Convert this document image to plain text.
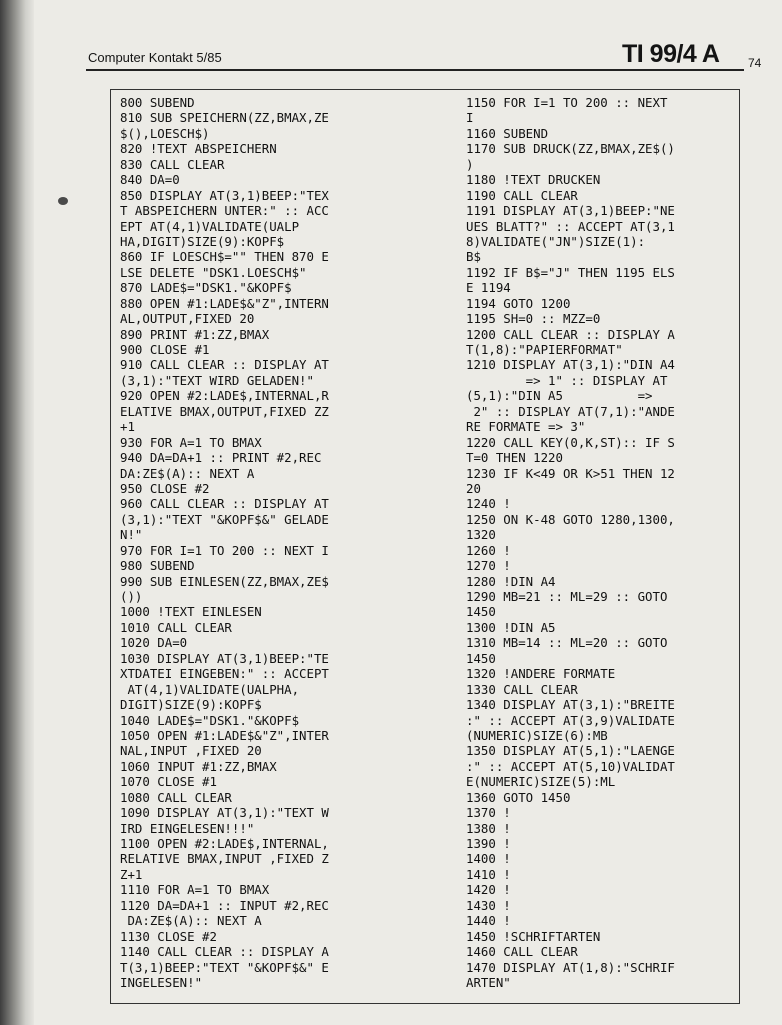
Computer Kontakt 5/85	TI 99/4 A 74
800 SUBEND
810 SUB SPEICHERN(ZZ,BMAX,ZE
$(),LOESCH$)
820 !TEXT ABSPEICHERN
830 CALL CLEAR
840 DA=0
850 DISPLAY AT(3,1)BEEP:"TEX
T ABSPEICHERN UNTER:" :: ACC
EPT AT(4,1)VALIDATE(UALP
HA,DIGIT)SIZE(9):KOPF$
860 IF LOESCH$="" THEN 870 E
LSE DELETE "DSK1.LOESCH$"
870 LADE$="DSK1."&KOPF$
880 OPEN #1:LADE$&"Z",INTERN
AL,OUTPUT,FIXED 20
890 PRINT #1:ZZ,BMAX
900 CLOSE #1
910 CALL CLEAR :: DISPLAY AT
(3,1):"TEXT WIRD GELADEN!"
920 OPEN #2:LADE$,INTERNAL,R
ELATIVE BMAX,OUTPUT,FIXED ZZ
+1
930 FOR A=1 TO BMAX
940 DA=DA+1 :: PRINT #2,REC
DA:ZE$(A):: NEXT A
950 CLOSE #2
960 CALL CLEAR :: DISPLAY AT
(3,1):"TEXT "&KOPF$&" GELADE
N!"
970 FOR I=1 TO 200 :: NEXT I
980 SUBEND
990 SUB EINLESEN(ZZ,BMAX,ZE$
())
1000 !TEXT EINLESEN
1010 CALL CLEAR
1020 DA=0
1030 DISPLAY AT(3,1)BEEP:"TE
XTDATEI EINGEBEN:" :: ACCEPT
AT(4,1)VALIDATE(UALPHA,
DIGIT)SIZE(9):KOPF$
1040 LADE$="DSK1."&KOPF$
1050 OPEN #1:LADE$&"Z",INTER
NAL,INPUT ,FIXED 20
1060 INPUT #1:ZZ,BMAX
1070 CLOSE #1
1080 CALL CLEAR
1090 DISPLAY AT(3,1):"TEXT W
IRD EINGELESEN!!!"
1100 OPEN #2:LADE$,INTERNAL,
RELATIVE BMAX,INPUT ,FIXED Z
Z+1
1110 FOR A=1 TO BMAX
1120 DA=DA+1 :: INPUT #2,REC
DA:ZE$(A):: NEXT A
1130 CLOSE #2
1140 CALL CLEAR :: DISPLAY A
T(3,1)BEEP:"TEXT "&KOPF$&" E
INGELESEN!"
1150 FOR I=1 TO 200 :: NEXT
I
1160 SUBEND
1170 SUB DRUCK(ZZ,BMAX,ZE$()
)
1180 !TEXT DRUCKEN
1190 CALL CLEAR
1191 DISPLAY AT(3,1)BEEP:"NE
UES BLATT?" :: ACCEPT AT(3,1
8)VALIDATE("JN")SIZE(1):
B$
1192 IF B$="J" THEN 1195 ELS
E 1194
1194 GOTO 1200
1195 SH=0 :: MZZ=0
1200 CALL CLEAR :: DISPLAY A
T(1,8):"PAPIERFORMAT"
1210 DISPLAY AT(3,1):"DIN A4
=> 1" :: DISPLAY AT
(5,1):"DIN A5          =>
2" :: DISPLAY AT(7,1):"ANDE
RE FORMATE => 3"
1220 CALL KEY(0,K,ST):: IF S
T=0 THEN 1220
1230 IF K<49 OR K>51 THEN 12
20
1240 !
1250 ON K-48 GOTO 1280,1300,
1320
1260 !
1270 !
1280 !DIN A4
1290 MB=21 :: ML=29 :: GOTO
1450
1300 !DIN A5
1310 MB=14 :: ML=20 :: GOTO
1450
1320 !ANDERE FORMATE
1330 CALL CLEAR
1340 DISPLAY AT(3,1):"BREITE
:" :: ACCEPT AT(3,9)VALIDATE
(NUMERIC)SIZE(6):MB
1350 DISPLAY AT(5,1):"LAENGE
:" :: ACCEPT AT(5,10)VALIDAT
E(NUMERIC)SIZE(5):ML
1360 GOTO 1450
1370 !
1380 !
1390 !
1400 !
1410 !
1420 !
1430 !
1440 !
1450 !SCHRIFTARTEN
1460 CALL CLEAR
1470 DISPLAY AT(1,8):"SCHRIF
ARTEN"
